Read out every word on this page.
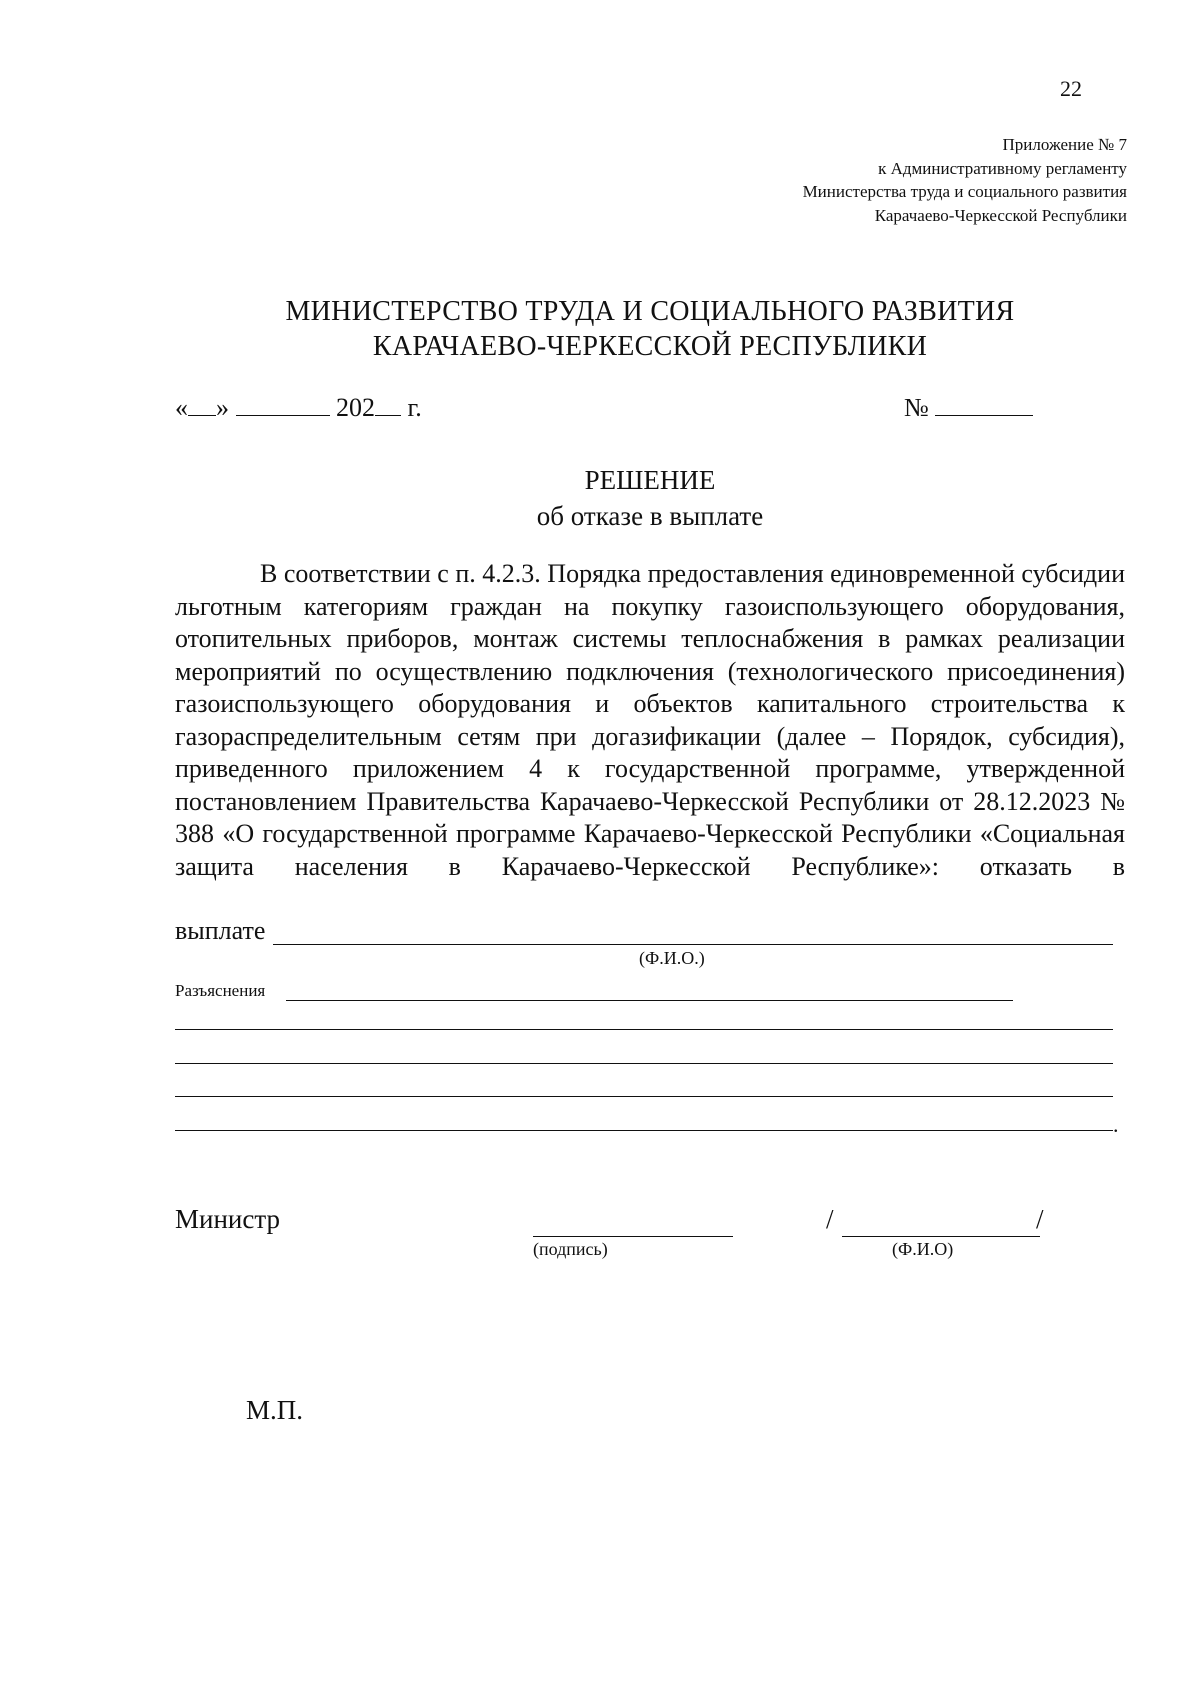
22
Приложение № 7
к Административному регламенту
Министерства труда и социального развития
Карачаево-Черкесской Республики
МИНИСТЕРСТВО ТРУДА И СОЦИАЛЬНОГО РАЗВИТИЯ
КАРАЧАЕВО-ЧЕРКЕССКОЙ РЕСПУБЛИКИ
« »	202 г.	№
РЕШЕНИЕ
об отказе в выплате

В соответствии с п. 4.2.3. Порядка предоставления единовременной субсидии льготным категориям граждан на покупку газоиспользующего оборудования, отопительных приборов, монтаж системы теплоснабжения в рамках реализации мероприятий по осуществлению подключения (технологического присоединения) газоиспользующего оборудования и объектов капитального строительства к газораспределительным сетям при догазификации (далее – Порядок, субсидия), приведенного приложением 4 к государственной программе, утвержденной постановлением Правительства Карачаево-Черкесской Республики от 28.12.2023 № 388 «О государственной программе Карачаево-Черкесской Республики «Социальная защита населения в Карачаево-Черкесской Республике»: отказать в

выплате
(Ф.И.О.)
Разъяснения
.
Министр
(подпись)
/	/
(Ф.И.О)
М.П.
